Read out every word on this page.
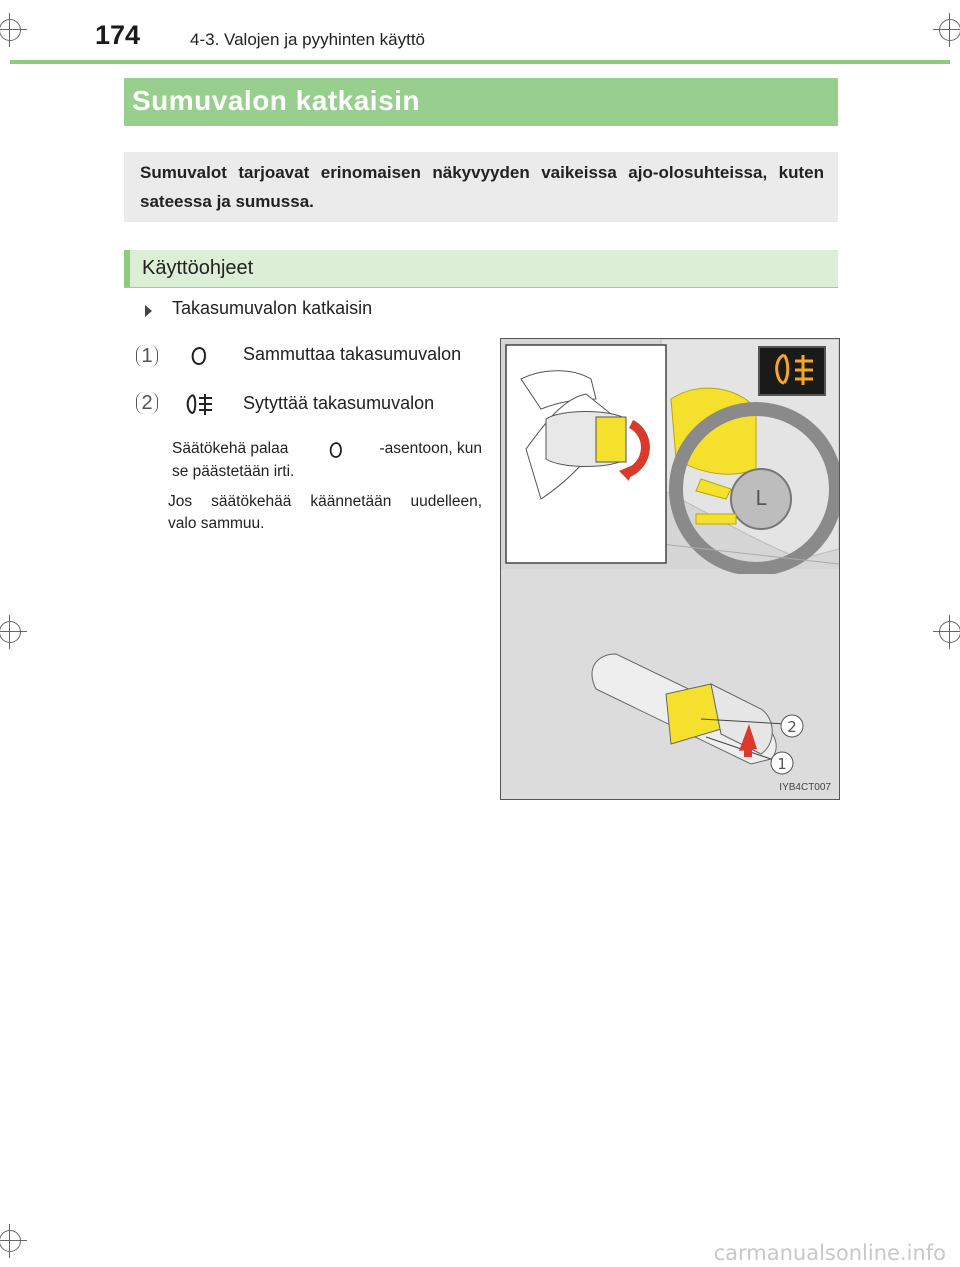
174	4-3. Valojen ja pyyhinten käyttö
Sumuvalon katkaisin

Sumuvalot tarjoavat erinomaisen näkyvyyden vaikeissa ajo-olosuhteissa, kuten sateessa ja sumussa.

Käyttöohjeet
Takasumuvalon katkaisin
1	Sammuttaa takasumuvalon
2	Sytyttää takasumuvalon
Säätökehä palaa	-asentoon, kun
se päästetään irti.
Jos säätökehää käännetään uudelleen,
valo sammuu.
L
2
1
IYB4CT007
carmanualsonline.info
